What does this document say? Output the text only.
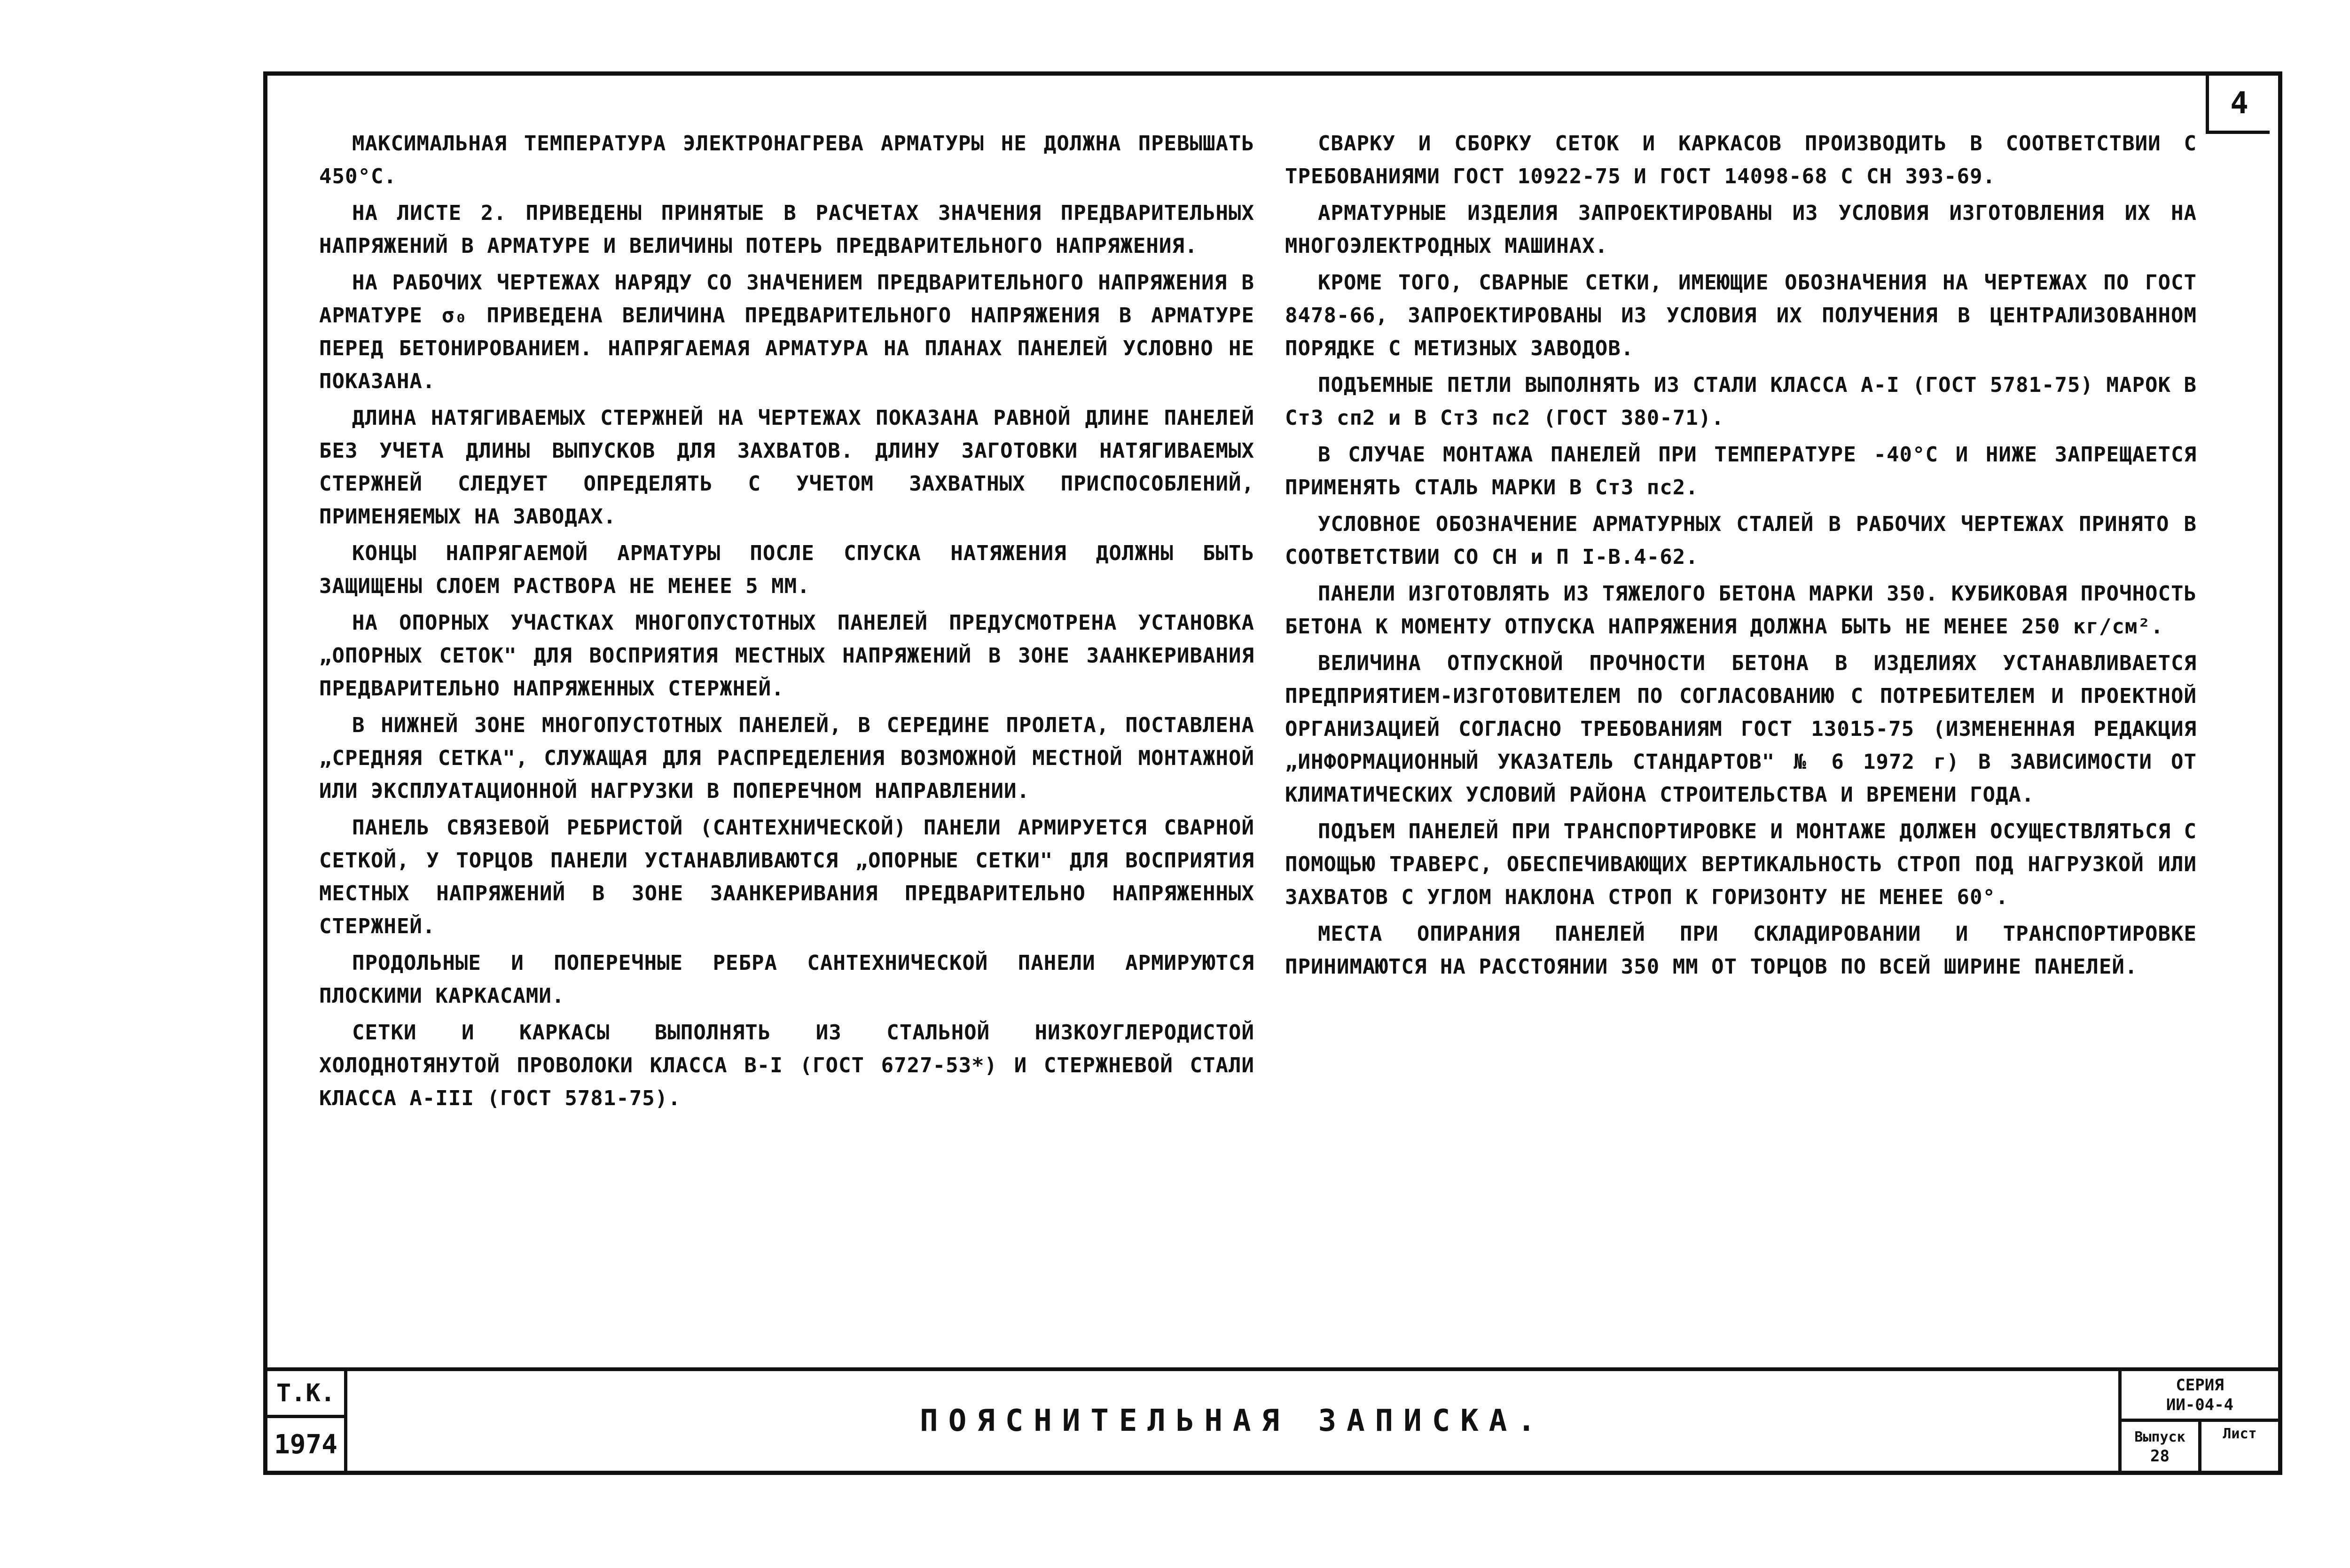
4

МАКСИМАЛЬНАЯ ТЕМПЕРАТУРА ЭЛЕКТРОНАГРЕВА АРМАТУРЫ НЕ ДОЛЖНА ПРЕВЫШАТЬ 450°С.

НА ЛИСТЕ 2. ПРИВЕДЕНЫ ПРИНЯТЫЕ В РАСЧЕТАХ ЗНАЧЕНИЯ ПРЕДВАРИТЕЛЬНЫХ НАПРЯЖЕНИЙ В АРМАТУРЕ И ВЕЛИЧИНЫ ПОТЕРЬ ПРЕДВАРИТЕЛЬНОГО НАПРЯЖЕНИЯ.

НА РАБОЧИХ ЧЕРТЕЖАХ НАРЯДУ СО ЗНАЧЕНИЕМ ПРЕДВАРИТЕЛЬНОГО НАПРЯЖЕНИЯ В АРМАТУРЕ σ₀ ПРИВЕДЕНА ВЕЛИЧИНА ПРЕДВАРИТЕЛЬНОГО НАПРЯЖЕНИЯ В АРМАТУРЕ ПЕРЕД БЕТОНИРОВАНИЕМ. НАПРЯГАЕМАЯ АРМАТУРА НА ПЛАНАХ ПАНЕЛЕЙ УСЛОВНО НЕ ПОКАЗАНА.

ДЛИНА НАТЯГИВАЕМЫХ СТЕРЖНЕЙ НА ЧЕРТЕЖАХ ПОКАЗАНА РАВНОЙ ДЛИНЕ ПАНЕЛЕЙ БЕЗ УЧЕТА ДЛИНЫ ВЫПУСКОВ ДЛЯ ЗАХВАТОВ. ДЛИНУ ЗАГОТОВКИ НАТЯГИВАЕМЫХ СТЕРЖНЕЙ СЛЕДУЕТ ОПРЕДЕЛЯТЬ С УЧЕТОМ ЗАХВАТНЫХ ПРИСПОСОБЛЕНИЙ, ПРИМЕНЯЕМЫХ НА ЗАВОДАХ.

КОНЦЫ НАПРЯГАЕМОЙ АРМАТУРЫ ПОСЛЕ СПУСКА НАТЯЖЕНИЯ ДОЛЖНЫ БЫТЬ ЗАЩИЩЕНЫ СЛОЕМ РАСТВОРА НЕ МЕНЕЕ 5 ММ.

НА ОПОРНЫХ УЧАСТКАХ МНОГОПУСТОТНЫХ ПАНЕЛЕЙ ПРЕДУСМОТРЕНА УСТАНОВКА „ОПОРНЫХ СЕТОК" ДЛЯ ВОСПРИЯТИЯ МЕСТНЫХ НАПРЯЖЕНИЙ В ЗОНЕ ЗААНКЕРИВАНИЯ ПРЕДВАРИТЕЛЬНО НАПРЯЖЕННЫХ СТЕРЖНЕЙ.

В НИЖНЕЙ ЗОНЕ МНОГОПУСТОТНЫХ ПАНЕЛЕЙ, В СЕРЕДИНЕ ПРОЛЕТА, ПОСТАВЛЕНА „СРЕДНЯЯ СЕТКА", СЛУЖАЩАЯ ДЛЯ РАСПРЕДЕЛЕНИЯ ВОЗМОЖНОЙ МЕСТНОЙ МОНТАЖНОЙ ИЛИ ЭКСПЛУАТАЦИОННОЙ НАГРУЗКИ В ПОПЕРЕЧНОМ НАПРАВЛЕНИИ.

ПАНЕЛЬ СВЯЗЕВОЙ РЕБРИСТОЙ (САНТЕХНИЧЕСКОЙ) ПАНЕЛИ АРМИРУЕТСЯ СВАРНОЙ СЕТКОЙ, У ТОРЦОВ ПАНЕЛИ УСТАНАВЛИВАЮТСЯ „ОПОРНЫЕ СЕТКИ" ДЛЯ ВОСПРИЯТИЯ МЕСТНЫХ НАПРЯЖЕНИЙ В ЗОНЕ ЗААНКЕРИВАНИЯ ПРЕДВАРИТЕЛЬНО НАПРЯЖЕННЫХ СТЕРЖНЕЙ.

ПРОДОЛЬНЫЕ И ПОПЕРЕЧНЫЕ РЕБРА САНТЕХНИЧЕСКОЙ ПАНЕЛИ АРМИРУЮТСЯ ПЛОСКИМИ КАРКАСАМИ.

СЕТКИ И КАРКАСЫ ВЫПОЛНЯТЬ ИЗ СТАЛЬНОЙ НИЗКОУГЛЕРОДИСТОЙ ХОЛОДНОТЯНУТОЙ ПРОВОЛОКИ КЛАССА В-I (ГОСТ 6727-53*) И СТЕРЖНЕВОЙ СТАЛИ КЛАССА А-III (ГОСТ 5781-75).

СВАРКУ И СБОРКУ СЕТОК И КАРКАСОВ ПРОИЗВОДИТЬ В СООТВЕТСТВИИ С ТРЕБОВАНИЯМИ ГОСТ 10922-75 И ГОСТ 14098-68 С СН 393-69.

АРМАТУРНЫЕ ИЗДЕЛИЯ ЗАПРОЕКТИРОВАНЫ ИЗ УСЛОВИЯ ИЗГОТОВЛЕНИЯ ИХ НА МНОГОЭЛЕКТРОДНЫХ МАШИНАХ.

КРОМЕ ТОГО, СВАРНЫЕ СЕТКИ, ИМЕЮЩИЕ ОБОЗНАЧЕНИЯ НА ЧЕРТЕЖАХ ПО ГОСТ 8478-66, ЗАПРОЕКТИРОВАНЫ ИЗ УСЛОВИЯ ИХ ПОЛУЧЕНИЯ В ЦЕНТРАЛИЗОВАННОМ ПОРЯДКЕ С МЕТИЗНЫХ ЗАВОДОВ.

ПОДЪЕМНЫЕ ПЕТЛИ ВЫПОЛНЯТЬ ИЗ СТАЛИ КЛАССА А-I (ГОСТ 5781-75) МАРОК В Ст3 сп2 и В Ст3 пс2 (ГОСТ 380-71).

В СЛУЧАЕ МОНТАЖА ПАНЕЛЕЙ ПРИ ТЕМПЕРАТУРЕ -40°С И НИЖЕ ЗАПРЕЩАЕТСЯ ПРИМЕНЯТЬ СТАЛЬ МАРКИ В Ст3 пс2.

УСЛОВНОЕ ОБОЗНАЧЕНИЕ АРМАТУРНЫХ СТАЛЕЙ В РАБОЧИХ ЧЕРТЕЖАХ ПРИНЯТО В СООТВЕТСТВИИ СО СН и П I-В.4-62.

ПАНЕЛИ ИЗГОТОВЛЯТЬ ИЗ ТЯЖЕЛОГО БЕТОНА МАРКИ 350. КУБИКОВАЯ ПРОЧНОСТЬ БЕТОНА К МОМЕНТУ ОТПУСКА НАПРЯЖЕНИЯ ДОЛЖНА БЫТЬ НЕ МЕНЕЕ 250 кг/см².

ВЕЛИЧИНА ОТПУСКНОЙ ПРОЧНОСТИ БЕТОНА В ИЗДЕЛИЯХ УСТАНАВЛИВАЕТСЯ ПРЕДПРИЯТИЕМ-ИЗГОТОВИТЕЛЕМ ПО СОГЛАСОВАНИЮ С ПОТРЕБИТЕЛЕМ И ПРОЕКТНОЙ ОРГАНИЗАЦИЕЙ СОГЛАСНО ТРЕБОВАНИЯМ ГОСТ 13015-75 (ИЗМЕНЕННАЯ РЕДАКЦИЯ „ИНФОРМАЦИОННЫЙ УКАЗАТЕЛЬ СТАНДАРТОВ" № 6 1972 г) В ЗАВИСИМОСТИ ОТ КЛИМАТИЧЕСКИХ УСЛОВИЙ РАЙОНА СТРОИТЕЛЬСТВА И ВРЕМЕНИ ГОДА.

ПОДЪЕМ ПАНЕЛЕЙ ПРИ ТРАНСПОРТИРОВКЕ И МОНТАЖЕ ДОЛЖЕН ОСУЩЕСТВЛЯТЬСЯ С ПОМОЩЬЮ ТРАВЕРС, ОБЕСПЕЧИВАЮЩИХ ВЕРТИКАЛЬНОСТЬ СТРОП ПОД НАГРУЗКОЙ ИЛИ ЗАХВАТОВ С УГЛОМ НАКЛОНА СТРОП К ГОРИЗОНТУ НЕ МЕНЕЕ 60°.

МЕСТА ОПИРАНИЯ ПАНЕЛЕЙ ПРИ СКЛАДИРОВАНИИ И ТРАНСПОРТИРОВКЕ ПРИНИМАЮТСЯ НА РАССТОЯНИИ 350 ММ ОТ ТОРЦОВ ПО ВСЕЙ ШИРИНЕ ПАНЕЛЕЙ.

Т.К.
1974
ПОЯСНИТЕЛЬНАЯ ЗАПИСКА.
СЕРИЯ
ИИ-04-4
Выпуск
28
Лист
